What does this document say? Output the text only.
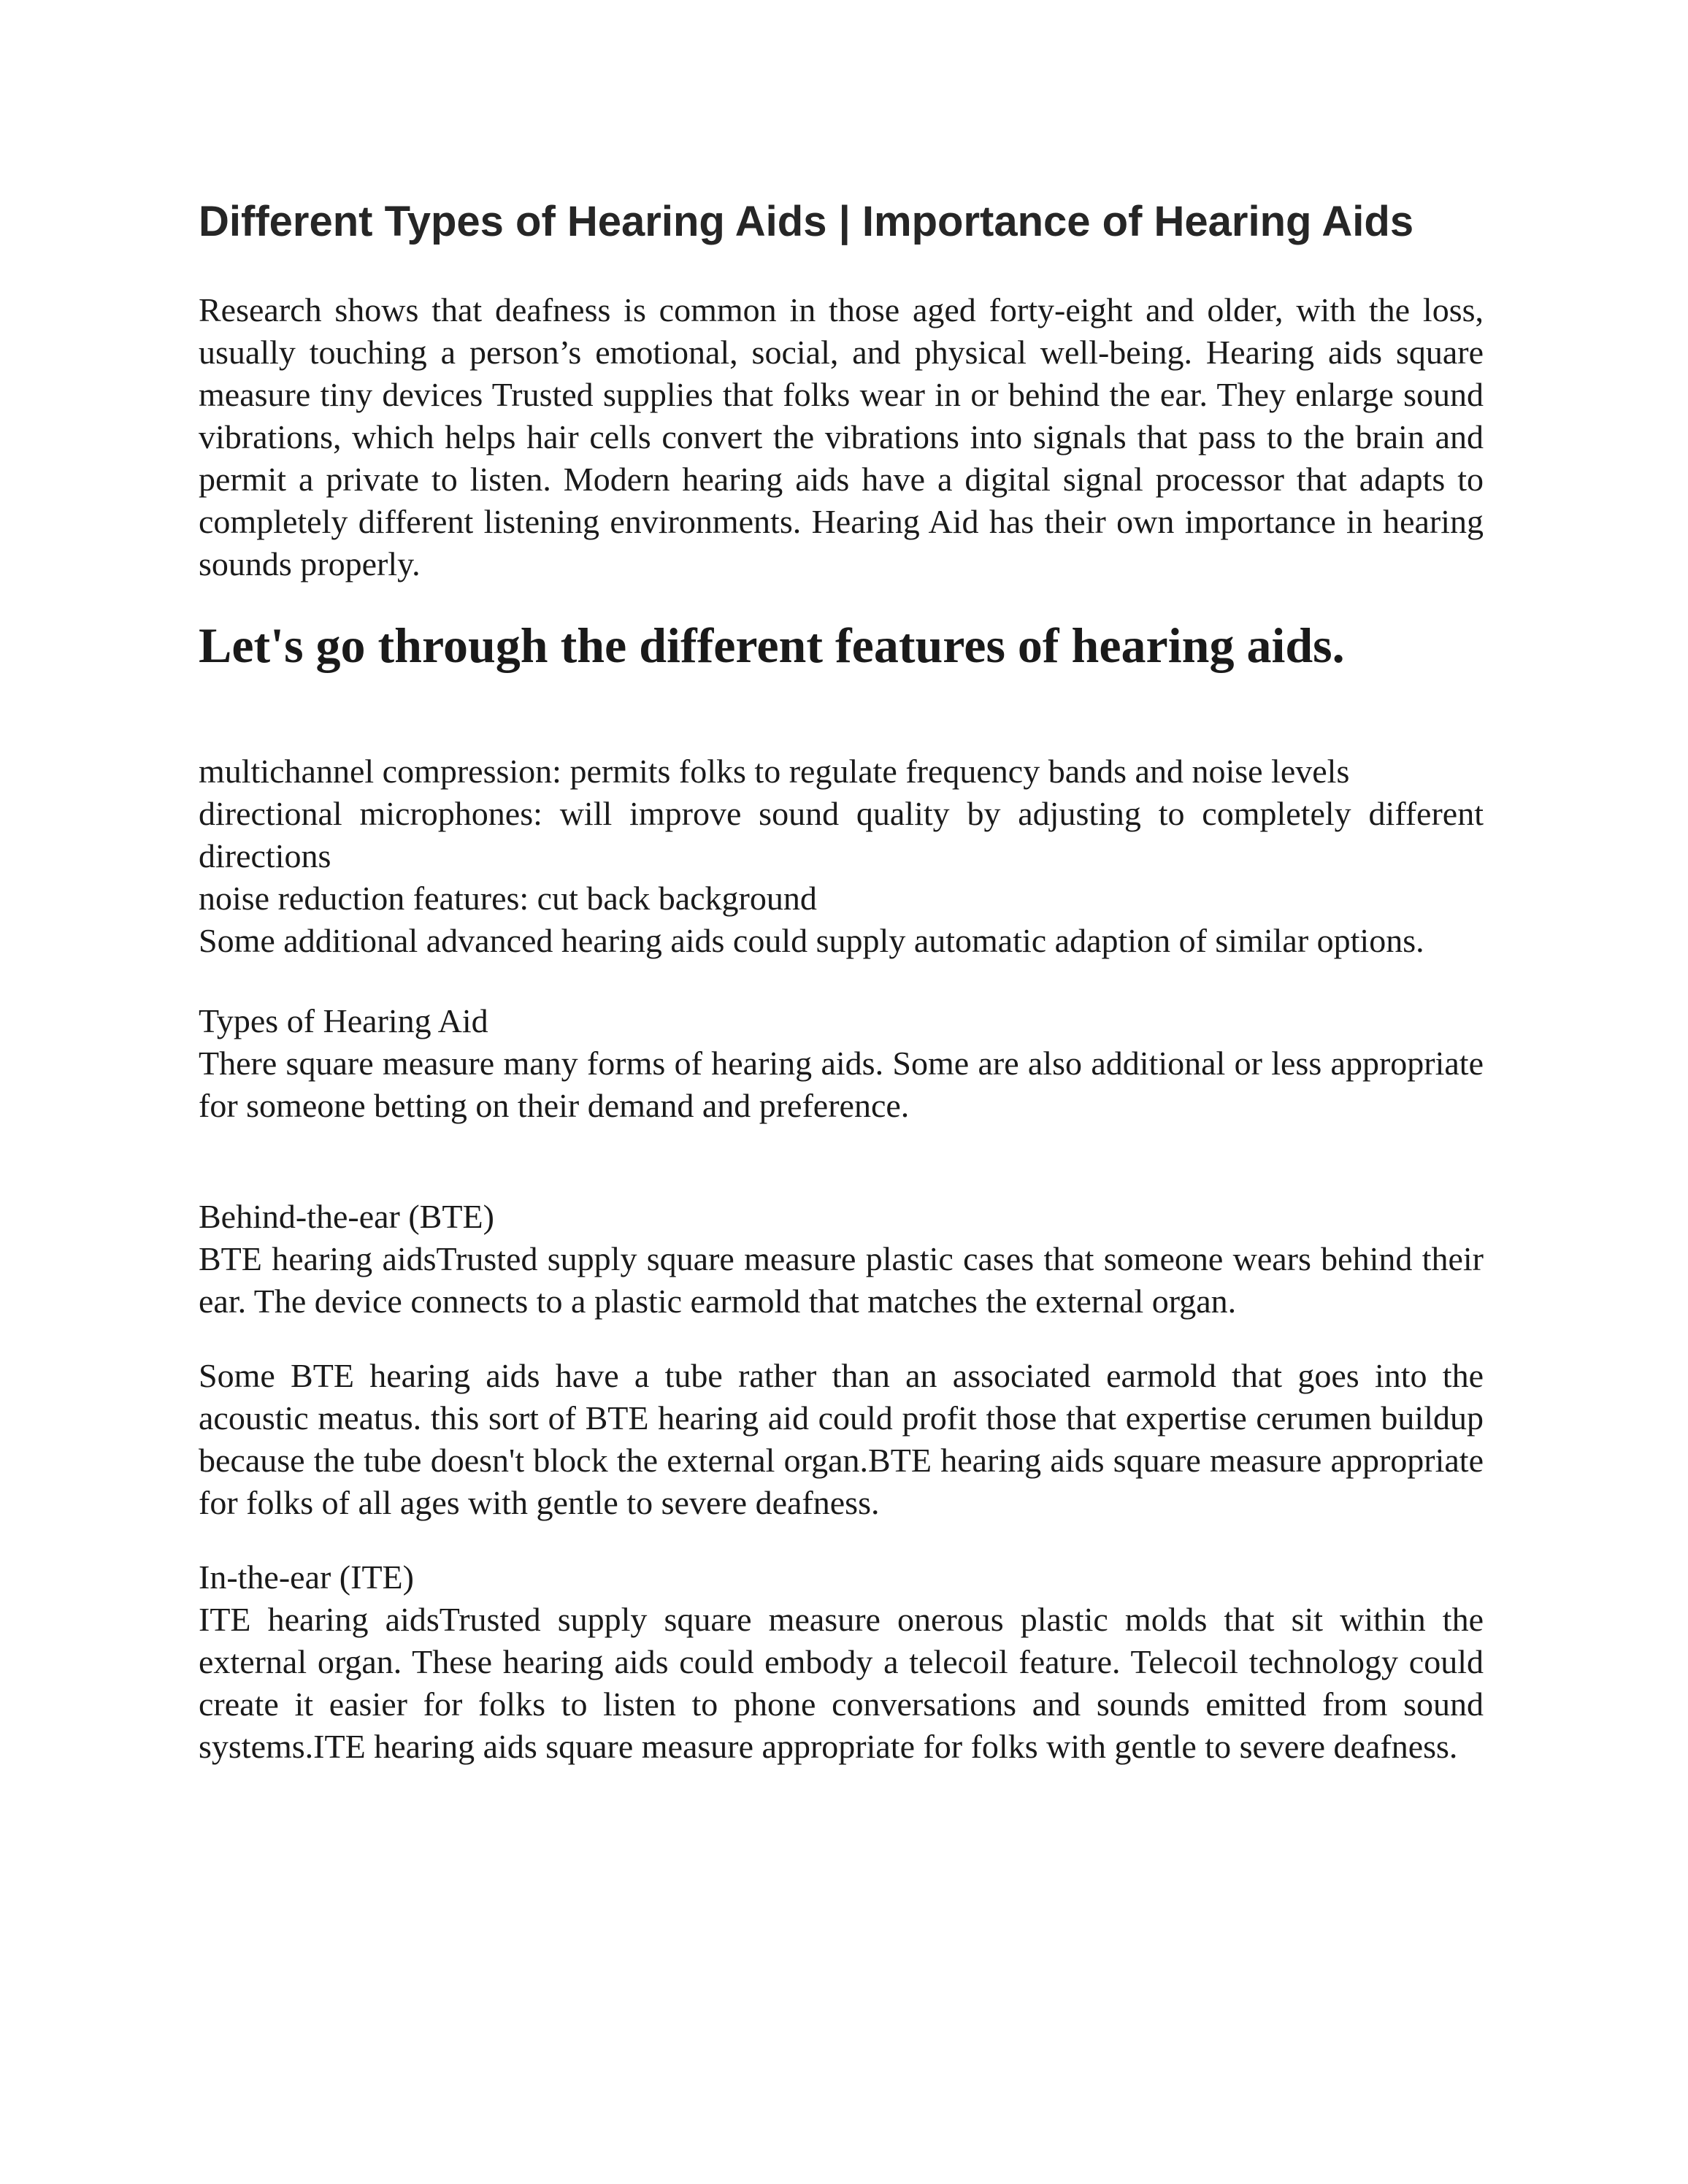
Different Types of Hearing Aids | Importance of Hearing Aids

Research shows that deafness is common in those aged forty-eight and older, with the loss, usually touching a person’s emotional, social, and physical well-being. Hearing aids square measure tiny devices Trusted supplies that folks wear in or behind the ear. They enlarge sound vibrations, which helps hair cells convert the vibrations into signals that pass to the brain and permit a private to listen. Modern hearing aids have a digital signal processor that adapts to completely different listening environments. Hearing Aid has their own importance in hearing sounds properly.

Let's go through the different features of hearing aids.
multichannel compression: permits folks to regulate frequency bands and noise levels
directional microphones: will improve sound quality by adjusting to completely different directions
noise reduction features: cut back background
Some additional advanced hearing aids could supply automatic adaption of similar options.
Types of Hearing Aid
There square measure many forms of hearing aids. Some are also additional or less appropriate for someone betting on their demand and preference.
Behind-the-ear (BTE)
BTE hearing aidsTrusted supply square measure plastic cases that someone wears behind their ear. The device connects to a plastic earmold that matches the external organ.

Some BTE hearing aids have a tube rather than an associated earmold that goes into the acoustic meatus. this sort of BTE hearing aid could profit those that expertise cerumen buildup because the tube doesn't block the external organ.BTE hearing aids square measure appropriate for folks of all ages with gentle to severe deafness.

In-the-ear (ITE)
ITE hearing aidsTrusted supply square measure onerous plastic molds that sit within the external organ. These hearing aids could embody a telecoil feature. Telecoil technology could create it easier for folks to listen to phone conversations and sounds emitted from sound systems.ITE hearing aids square measure appropriate for folks with gentle to severe deafness.
